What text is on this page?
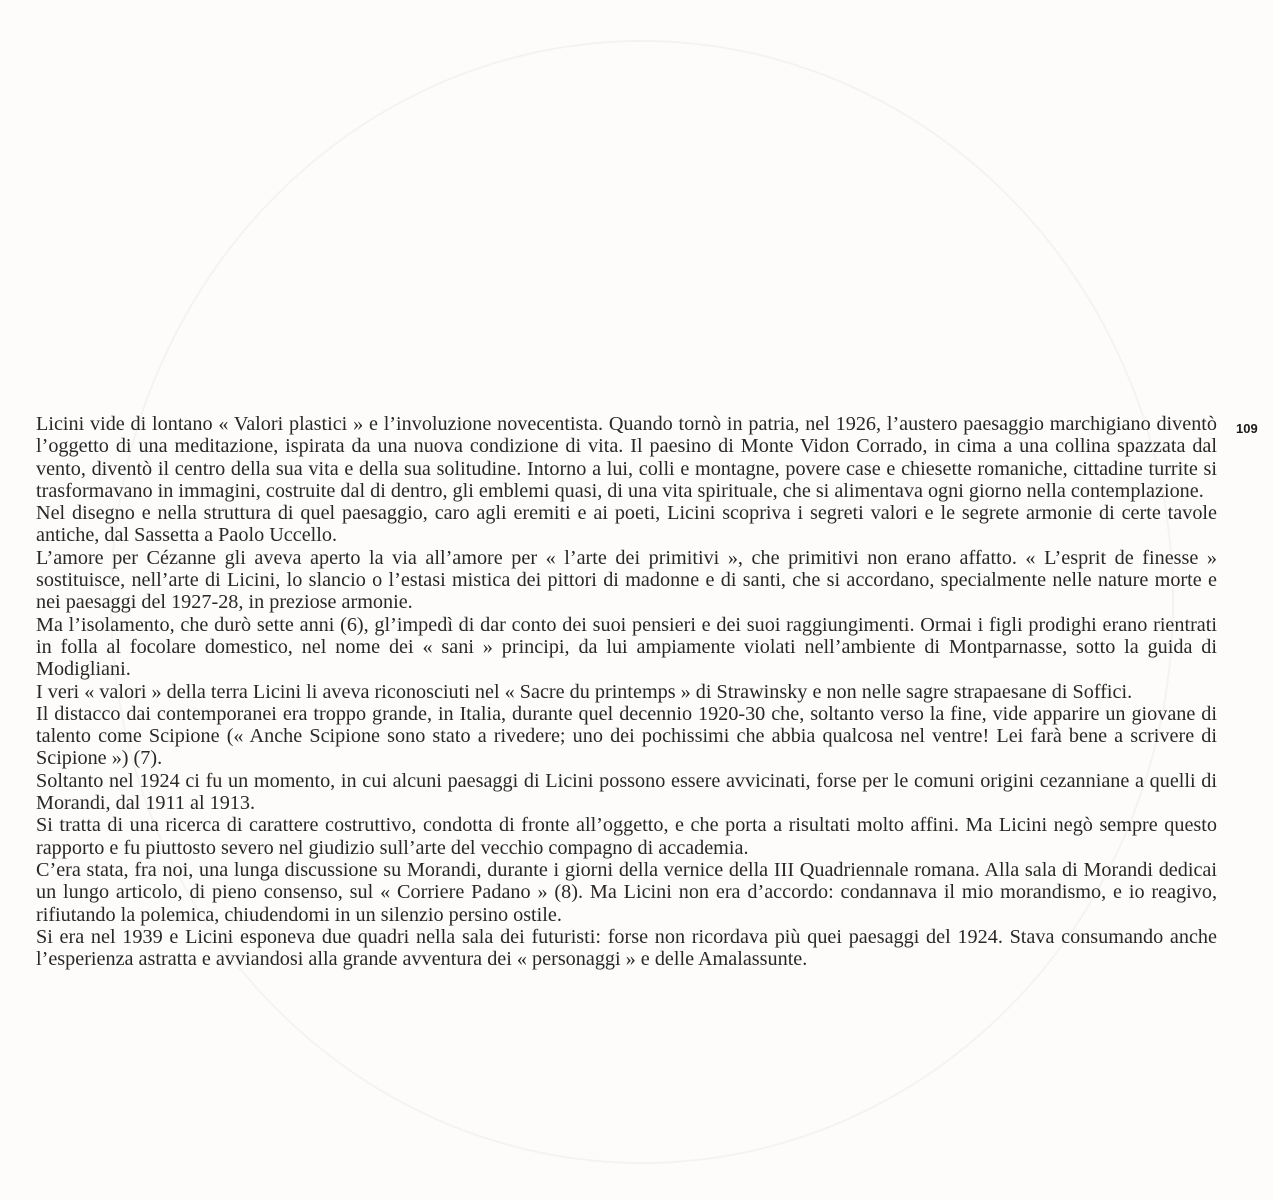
109

Licini vide di lontano « Valori plastici » e l’involuzione novecentista. Quando tornò in patria, nel 1926, l’austero paesaggio marchigiano diventò l’oggetto di una meditazione, ispirata da una nuova condizione di vita. Il paesino di Monte Vidon Corrado, in cima a una collina spazzata dal vento, diventò il centro della sua vita e della sua solitudine. Intorno a lui, colli e montagne, povere case e chiesette romaniche, cittadine turrite si trasformavano in immagini, costruite dal di dentro, gli emblemi quasi, di una vita spirituale, che si alimentava ogni giorno nella contemplazione.

Nel disegno e nella struttura di quel paesaggio, caro agli eremiti e ai poeti, Licini scopriva i segreti valori e le segrete armonie di certe tavole antiche, dal Sassetta a Paolo Uccello.

L’amore per Cézanne gli aveva aperto la via all’amore per « l’arte dei primitivi », che primitivi non erano affatto. « L’esprit de finesse » sostituisce, nell’arte di Licini, lo slancio o l’estasi mistica dei pittori di madonne e di santi, che si accordano, specialmente nelle nature morte e nei paesaggi del 1927-28, in preziose armonie.

Ma l’isolamento, che durò sette anni (6), gl’impedì di dar conto dei suoi pensieri e dei suoi raggiungimenti. Ormai i figli prodighi erano rientrati in folla al focolare domestico, nel nome dei « sani » principi, da lui ampiamente violati nell’ambiente di Montparnasse, sotto la guida di Modigliani.

I veri « valori » della terra Licini li aveva riconosciuti nel « Sacre du printemps » di Strawinsky e non nelle sagre strapaesane di Soffici.

Il distacco dai contemporanei era troppo grande, in Italia, durante quel decennio 1920-30 che, soltanto verso la fine, vide apparire un giovane di talento come Scipione (« Anche Scipione sono stato a rivedere; uno dei pochissimi che abbia qualcosa nel ventre! Lei farà bene a scrivere di Scipione ») (7).

Soltanto nel 1924 ci fu un momento, in cui alcuni paesaggi di Licini possono essere avvicinati, forse per le comuni origini cezanniane a quelli di Morandi, dal 1911 al 1913.

Si tratta di una ricerca di carattere costruttivo, condotta di fronte all’oggetto, e che porta a risultati molto affini. Ma Licini negò sempre questo rapporto e fu piuttosto severo nel giudizio sull’arte del vecchio compagno di accademia.

C’era stata, fra noi, una lunga discussione su Morandi, durante i giorni della vernice della III Quadriennale romana. Alla sala di Morandi dedicai un lungo articolo, di pieno consenso, sul « Corriere Padano » (8). Ma Licini non era d’accordo: condannava il mio morandismo, e io reagivo, rifiutando la polemica, chiudendomi in un silenzio persino ostile.

Si era nel 1939 e Licini esponeva due quadri nella sala dei futuristi: forse non ricordava più quei paesaggi del 1924. Stava consumando anche l’esperienza astratta e avviandosi alla grande avventura dei « personaggi » e delle Amalassunte.
